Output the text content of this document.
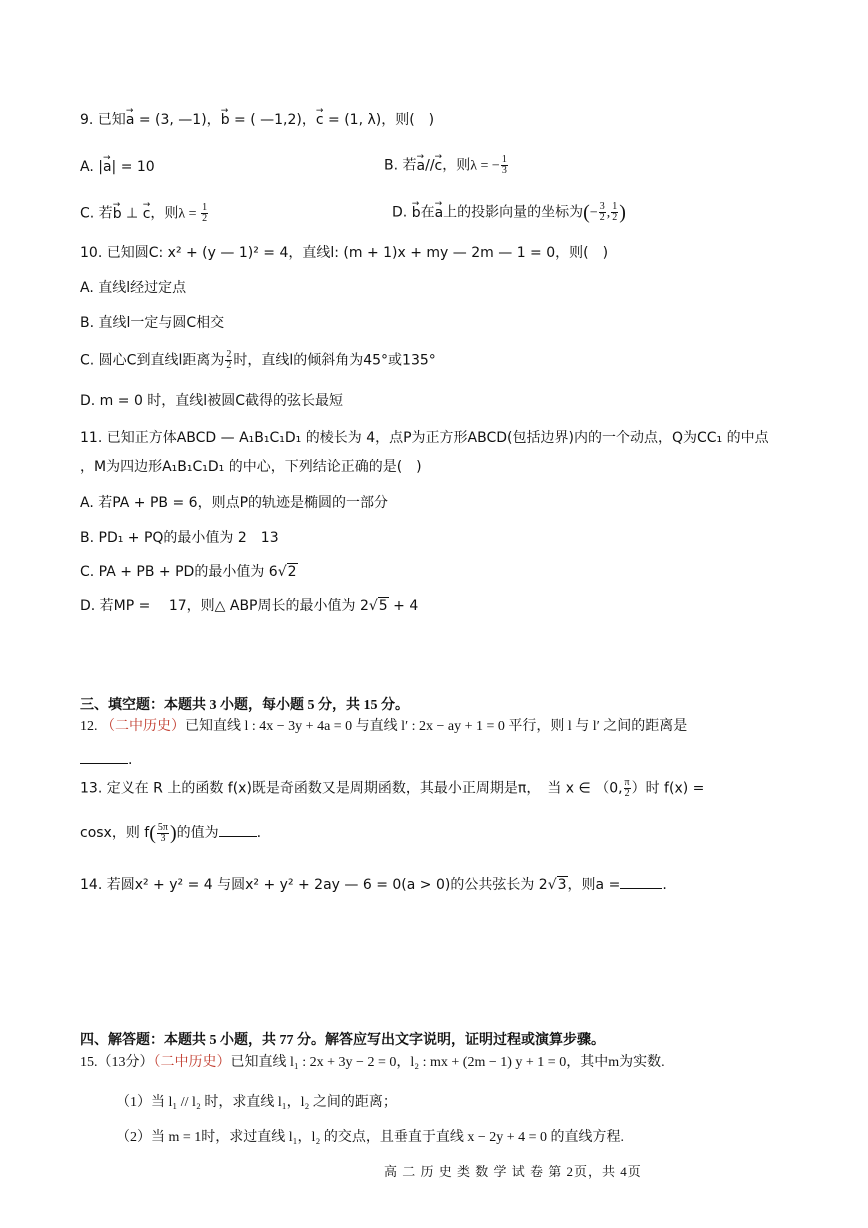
9. 已知→ a = (3, —1)，→ b = ( —1,2)，→ c = (1, λ)，则(　)
A. |→ a| = 10	B. 若→ a//→ c，则λ = − $\frac{1}{3}$
C. 若→ b ⊥ → c，则$\lambda = \frac{1}{2}$	D. → b在→ a上的投影向量的坐标为(− $\frac{3}{2}$ , $\frac{1}{2}$ )
10. 已知圆C: x² + (y — 1)² = 4，直线l: (m + 1)x + my — 2m — 1 = 0，则(　)
A. 直线l经过定点
B. 直线l一定与圆C相交
C. 圆心C到直线l距离为 $\frac{2}{2}$ 时，直线l的倾斜角为45°或135°
D. m = 0 时，直线l被圆C截得的弦长最短
11. 已知正方体ABCD — A₁B₁C₁D₁ 的棱长为 4，点P为正方形ABCD(包括边界)内的一个动点，Q为CC₁ 的中点
，M为四边形A₁B₁C₁D₁ 的中心，下列结论正确的是(　)
A. 若PA + PB = 6，则点P的轨迹是椭圆的一部分
B. PD₁ + PQ的最小值为 2　13
C. PA + PB + PD的最小值为 6√2
D. 若MP = 　17，则△ ABP周长的最小值为 2√5 + 4
三、填空题：本题共 3 小题，每小题 5 分，共 15 分。
12. （二中历史）已知直线 l : 4x − 3y + 4a = 0 与直线 l′ : 2x − ay + 1 = 0 平行，则 l 与 l′ 之间的距离是
.
13. 定义在 R 上的函数 f(x)既是奇函数又是周期函数，其最小正周期是π，　当 x ∈ （0, $\frac{\pi}{2}$ ）时 f(x) =
cosx，则 $f( \frac{5\pi}{3}$ )的值为	.
14. 若圆x² + y² = 4 与圆x² + y² + 2ay — 6 = 0(a > 0)的公共弦长为 2√3，则a =	.
四、解答题：本题共 5 小题，共 77 分。解答应写出文字说明，证明过程或演算步骤。
15.（13分）（二中历史）已知直线 l₁ : 2x + 3y − 2 = 0，l₂ : mx + (2m − 1) y + 1 = 0，其中m为实数.
（1）当 l₁ // l₂ 时，求直线 l₁，l₂ 之间的距离；
（2）当 m = 1时，求过直线 l₁，l₂ 的交点，且垂直于直线 x − 2y + 4 = 0 的直线方程.
高 二 历 史 类 数 学 试 卷 第 2页，共 4页
